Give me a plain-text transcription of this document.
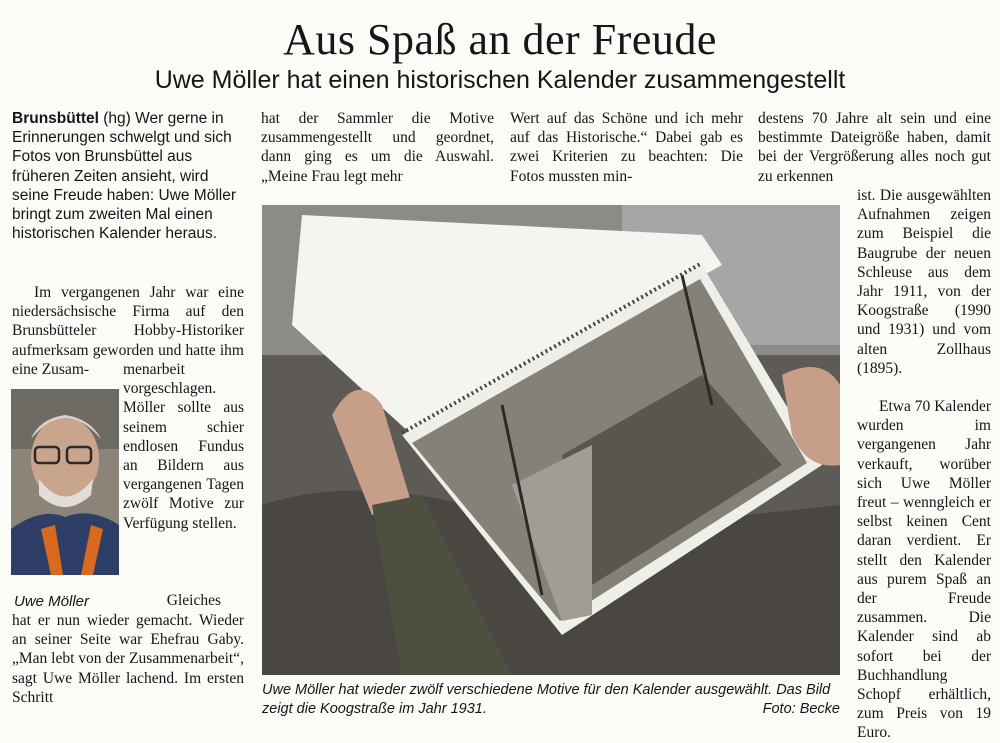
Aus Spaß an der Freude
Uwe Möller hat einen historischen Kalender zusammengestellt
Brunsbüttel (hg) Wer gerne in Erinnerungen schwelgt und sich Fotos von Brunsbüttel aus früheren Zeiten ansieht, wird seine Freude haben: Uwe Möller bringt zum zweiten Mal einen historischen Kalender heraus.
Im vergangenen Jahr war eine niedersächsische Firma auf den Brunsbütteler Hobby-Historiker aufmerksam geworden und hatte ihm eine Zusam-	menarbeit vorgeschlagen. Möller sollte aus seinem schier endlosen Fundus an Bildern aus vergangenen Tagen zwölf Motive zur Verfügung stellen.
Gleiches
hat er nun wieder gemacht. Wieder an seiner Seite war Ehefrau Gaby. „Man lebt von der Zusammenarbeit“, sagt Uwe Möller lachend. Im ersten Schritt
Uwe Möller
hat der Sammler die Motive zusammengestellt und geordnet, dann ging es um die Auswahl. „Meine Frau legt mehr
Wert auf das Schöne und ich mehr auf das Historische.“ Dabei gab es zwei Kriterien zu beachten: Die Fotos mussten min-
destens 70 Jahre alt sein und eine bestimmte Dateigröße haben, damit bei der Vergrößerung alles noch gut zu erkennen
ist. Die ausgewählten Aufnahmen zeigen zum Beispiel die Baugrube der neuen Schleuse aus dem Jahr 1911, von der Koogstraße (1990 und 1931) und vom alten Zollhaus (1895).
Etwa 70 Kalender wurden im vergangenen Jahr verkauft, worüber sich Uwe Möller freut – wenngleich er selbst keinen Cent daran verdient. Er stellt den Kalender aus purem Spaß an der Freude zusammen. Die Kalender sind ab sofort bei der Buchhandlung Schopf erhältlich, zum Preis von 19 Euro.
Uwe Möller hat wieder zwölf verschiedene Motive für den Kalender ausgewählt. Das Bild zeigt die Koogstraße im Jahr 1931.	Foto: Becke
